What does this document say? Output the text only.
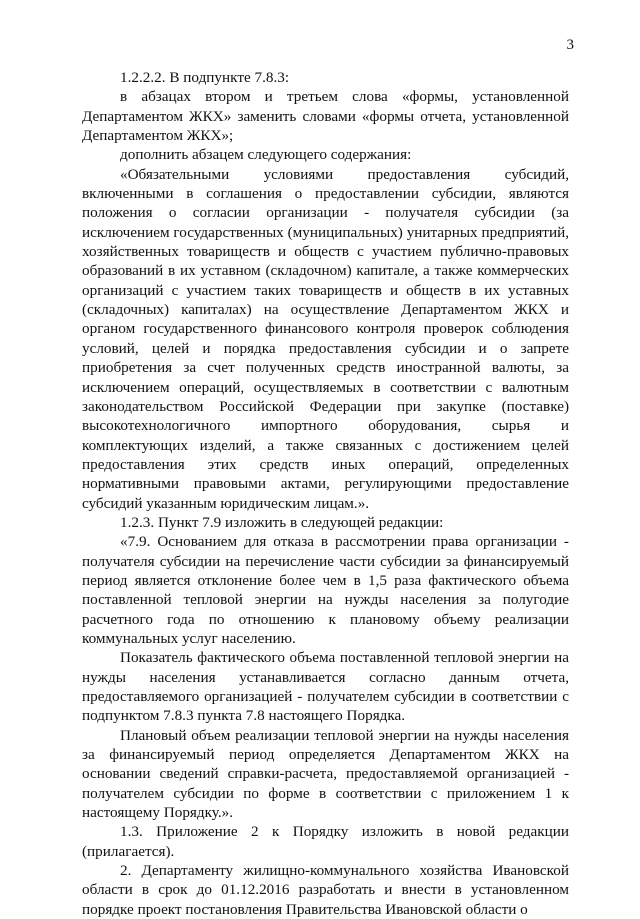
3

1.2.2.2. В подпункте 7.8.3:

в абзацах втором и третьем слова «формы, установленной Департаментом ЖКХ» заменить словами «формы отчета, установленной Департаментом ЖКХ»;

дополнить абзацем следующего содержания:

«Обязательными условиями предоставления субсидий, включенными в соглашения о предоставлении субсидии, являются положения о согласии организации - получателя субсидии (за исключением государственных (муниципальных) унитарных предприятий, хозяйственных товариществ и обществ с участием публично-правовых образований в их уставном (складочном) капитале, а также коммерческих организаций с участием таких товариществ и обществ в их уставных (складочных) капиталах) на осуществление Департаментом ЖКХ и органом государственного финансового контроля проверок соблюдения условий, целей и порядка предоставления субсидии и о запрете приобретения за счет полученных средств иностранной валюты, за исключением операций, осуществляемых в соответствии с валютным законодательством Российской Федерации при закупке (поставке) высокотехнологичного импортного оборудования, сырья и комплектующих изделий, а также связанных с достижением целей предоставления этих средств иных операций, определенных нормативными правовыми актами, регулирующими предоставление субсидий указанным юридическим лицам.».

1.2.3. Пункт 7.9 изложить в следующей редакции:

«7.9. Основанием для отказа в рассмотрении права организации - получателя субсидии на перечисление части субсидии за финансируемый период является отклонение более чем в 1,5 раза фактического объема поставленной тепловой энергии на нужды населения за полугодие расчетного года по отношению к плановому объему реализации коммунальных услуг населению.

Показатель фактического объема поставленной тепловой энергии на нужды населения устанавливается согласно данным отчета, предоставляемого организацией - получателем субсидии в соответствии с подпунктом 7.8.3 пункта 7.8 настоящего Порядка.

Плановый объем реализации тепловой энергии на нужды населения за финансируемый период определяется Департаментом ЖКХ на основании сведений справки-расчета, предоставляемой организацией - получателем субсидии по форме в соответствии с приложением 1 к настоящему Порядку.».

1.3. Приложение 2 к Порядку изложить в новой редакции (прилагается).

2. Департаменту жилищно-коммунального хозяйства Ивановской области в срок до 01.12.2016 разработать и внести в установленном порядке проект постановления Правительства Ивановской области о
